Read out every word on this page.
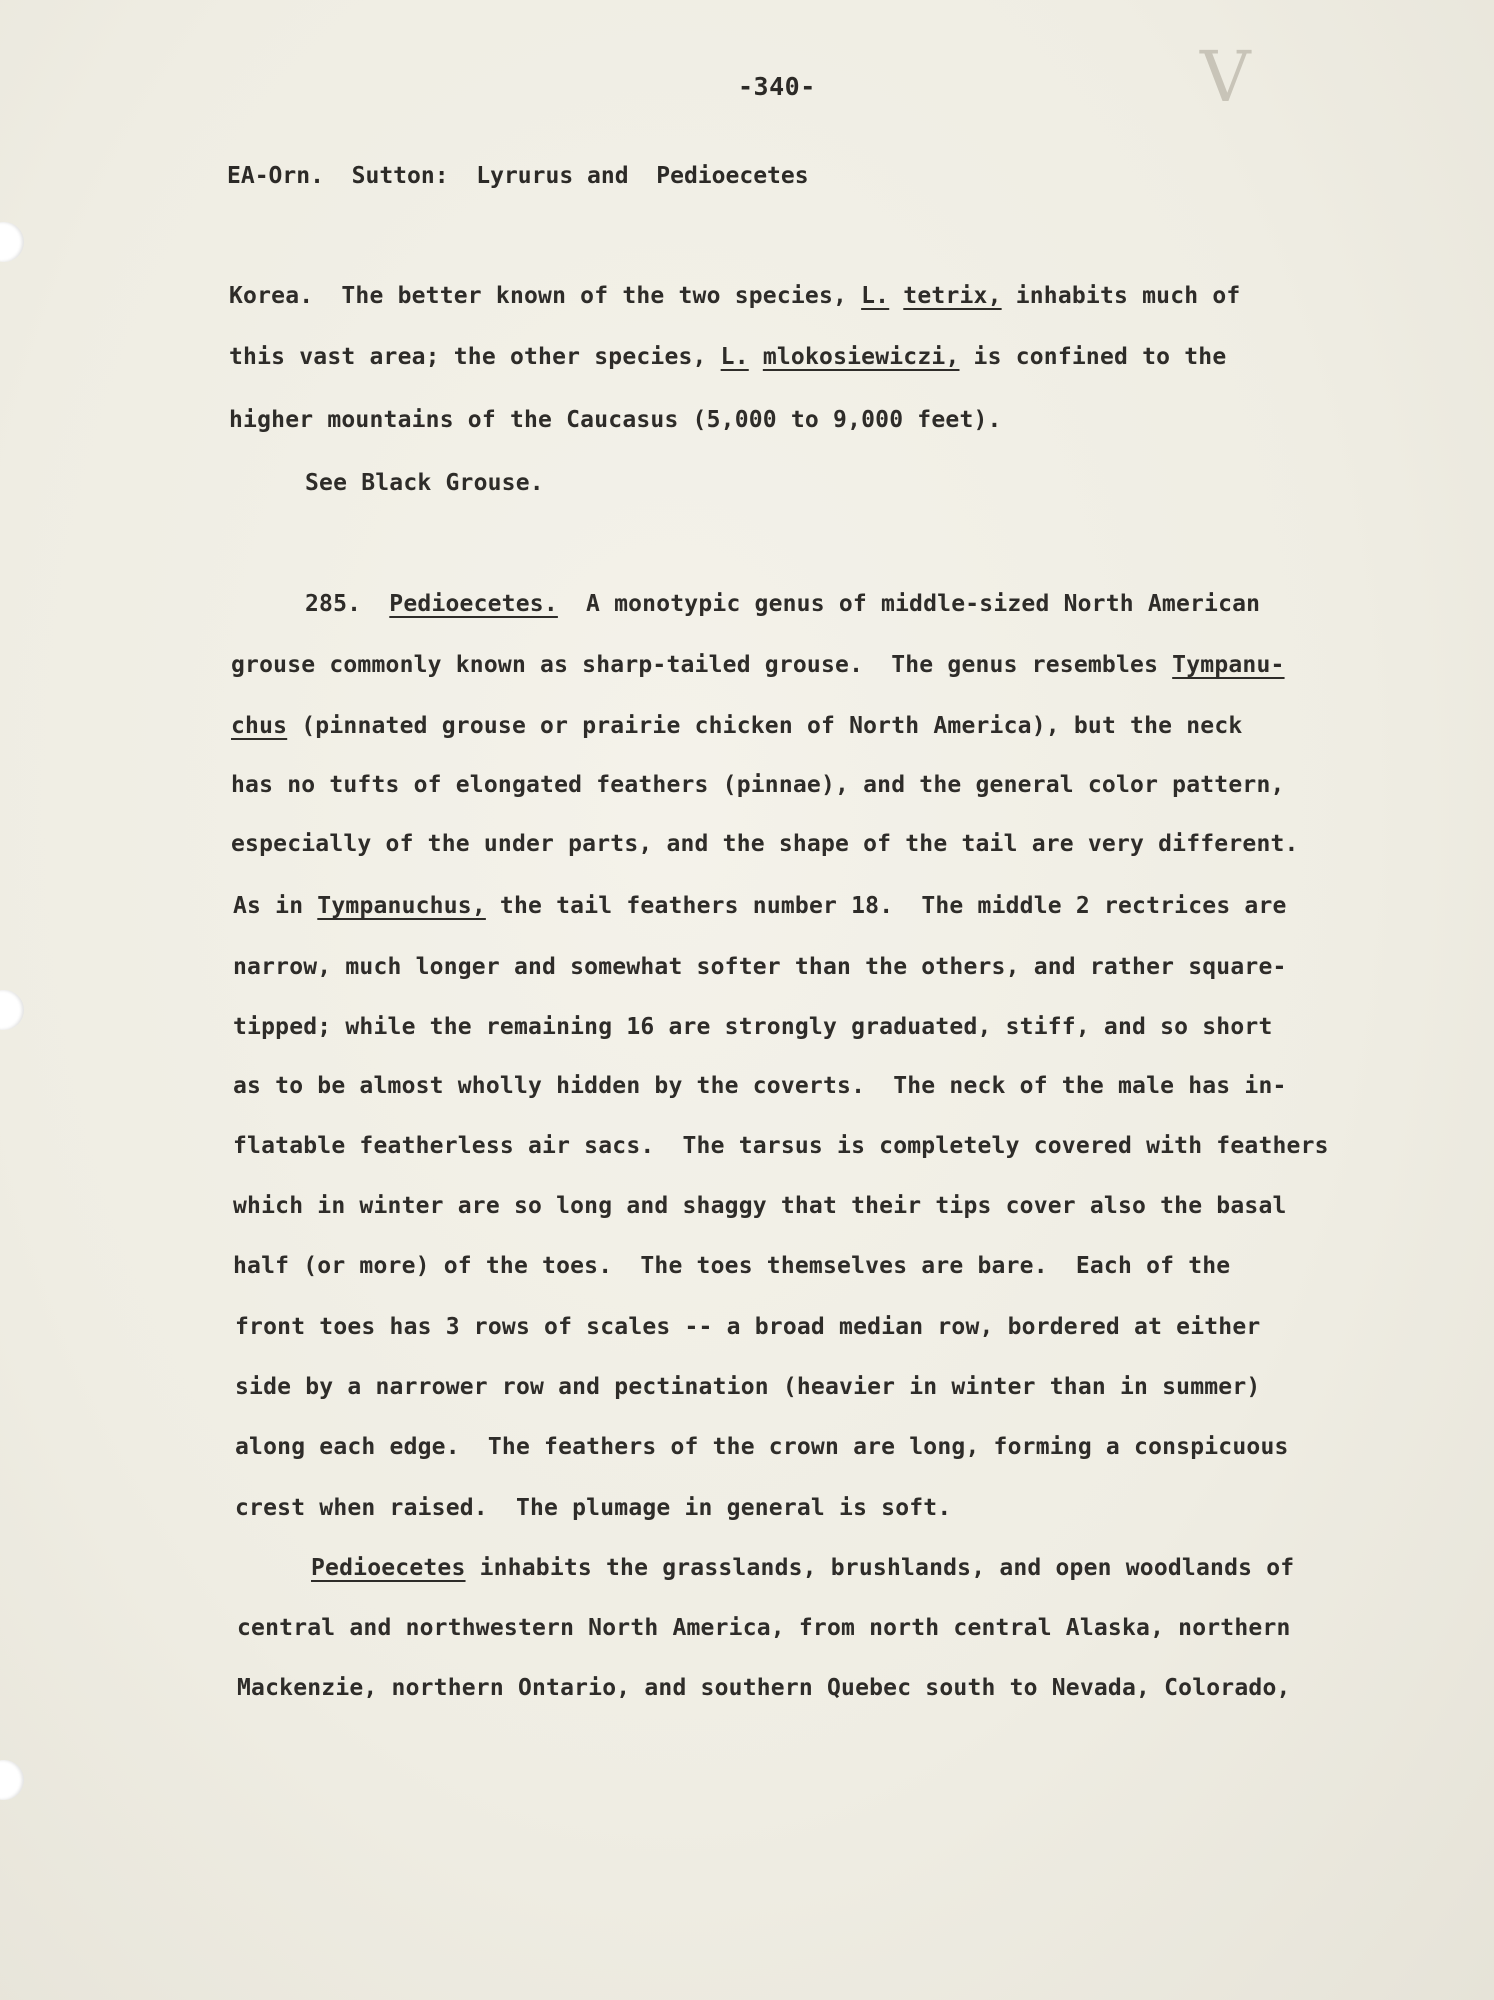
V
-340-
EA-Orn.  Sutton:  Lyrurus and  Pedioecetes
Korea.  The better known of the two species, L. tetrix, inhabits much of
this vast area; the other species, L. mlokosiewiczi, is confined to the
higher mountains of the Caucasus (5,000 to 9,000 feet).
See Black Grouse.
285.  Pedioecetes.  A monotypic genus of middle-sized North American
grouse commonly known as sharp-tailed grouse.  The genus resembles Tympanu-
chus (pinnated grouse or prairie chicken of North America), but the neck
has no tufts of elongated feathers (pinnae), and the general color pattern,
especially of the under parts, and the shape of the tail are very different.
As in Tympanuchus, the tail feathers number 18.  The middle 2 rectrices are
narrow, much longer and somewhat softer than the others, and rather square-
tipped; while the remaining 16 are strongly graduated, stiff, and so short
as to be almost wholly hidden by the coverts.  The neck of the male has in-
flatable featherless air sacs.  The tarsus is completely covered with feathers
which in winter are so long and shaggy that their tips cover also the basal
half (or more) of the toes.  The toes themselves are bare.  Each of the
front toes has 3 rows of scales -- a broad median row, bordered at either
side by a narrower row and pectination (heavier in winter than in summer)
along each edge.  The feathers of the crown are long, forming a conspicuous
crest when raised.  The plumage in general is soft.
Pedioecetes inhabits the grasslands, brushlands, and open woodlands of
central and northwestern North America, from north central Alaska, northern
Mackenzie, northern Ontario, and southern Quebec south to Nevada, Colorado,
